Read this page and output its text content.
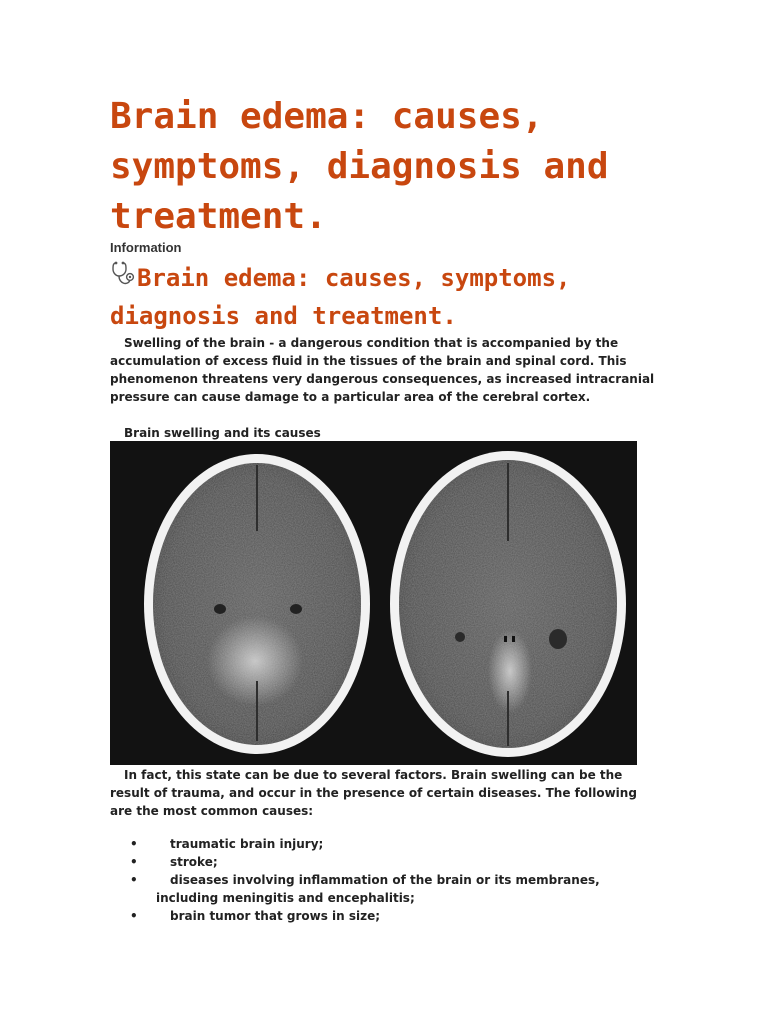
Brain edema: causes, symptoms, diagnosis and treatment.
Information
Brain edema: causes, symptoms, diagnosis and treatment.

Swelling of the brain - a dangerous condition that is accompanied by the accumulation of excess fluid in the tissues of the brain and spinal cord. This phenomenon threatens very dangerous consequences, as increased intracranial pressure can cause damage to a particular area of the cerebral cortex.

Brain swelling and its causes

In fact, this state can be due to several factors. Brain swelling can be the result of trauma, and occur in the presence of certain diseases. The following are the most common causes:

•	traumatic brain injury;
•	stroke;
•	diseases involving inflammation of the brain or its membranes, including meningitis and encephalitis;
•	brain tumor that grows in size;
